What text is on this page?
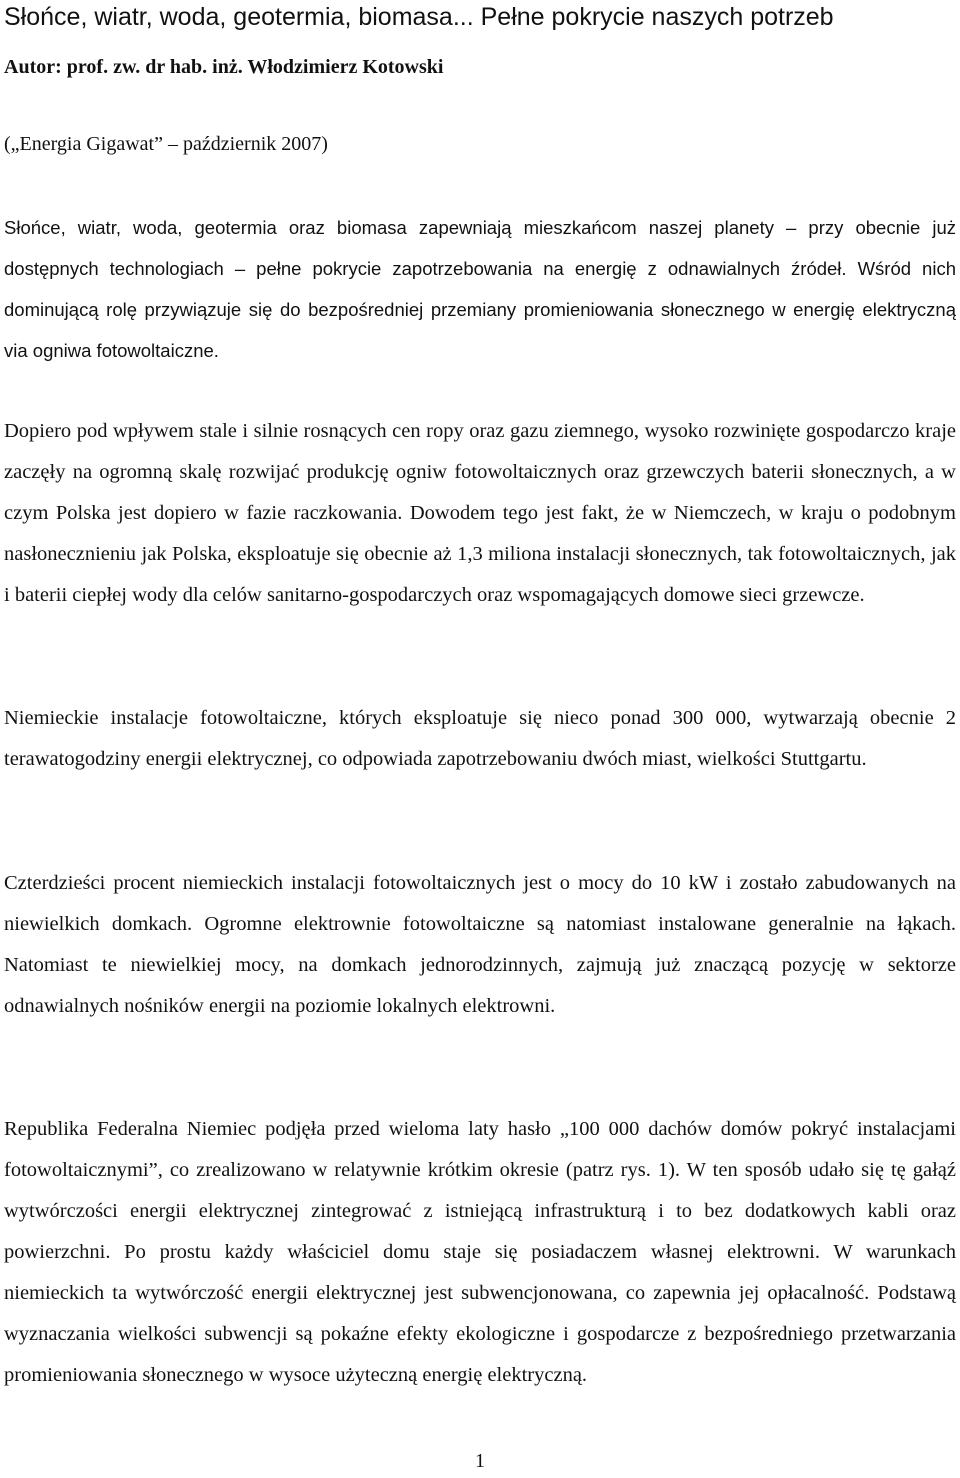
Słońce, wiatr, woda, geotermia, biomasa... Pełne pokrycie naszych potrzeb
Autor: prof. zw. dr hab. inż. Włodzimierz Kotowski
(„Energia Gigawat” – październik 2007)

Słońce, wiatr, woda, geotermia oraz biomasa zapewniają mieszkańcom naszej planety – przy obecnie już dostępnych technologiach – pełne pokrycie zapotrzebowania na energię z odnawialnych źródeł. Wśród nich dominującą rolę przywiązuje się do bezpośredniej przemiany promieniowania słonecznego w energię elektryczną via ogniwa fotowoltaiczne.

Dopiero pod wpływem stale i silnie rosnących cen ropy oraz gazu ziemnego, wysoko rozwinięte gospodarczo kraje zaczęły na ogromną skalę rozwijać produkcję ogniw fotowoltaicznych oraz grzewczych baterii słonecznych, a w czym Polska jest dopiero w fazie raczkowania. Dowodem tego jest fakt, że w Niemczech, w kraju o podobnym nasłonecznieniu jak Polska, eksploatuje się obecnie aż 1,3 miliona instalacji słonecznych, tak fotowoltaicznych, jak i baterii ciepłej wody dla celów sanitarno-gospodarczych oraz wspomagających domowe sieci grzewcze.

Niemieckie instalacje fotowoltaiczne, których eksploatuje się nieco ponad 300 000, wytwarzają obecnie 2 terawatogodziny energii elektrycznej, co odpowiada zapotrzebowaniu dwóch miast, wielkości Stuttgartu.

Czterdzieści procent niemieckich instalacji fotowoltaicznych jest o mocy do 10 kW i zostało zabudowanych na niewielkich domkach. Ogromne elektrownie fotowoltaiczne są natomiast instalowane generalnie na łąkach. Natomiast te niewielkiej mocy, na domkach jednorodzinnych, zajmują już znaczącą pozycję w sektorze odnawialnych nośników energii na poziomie lokalnych elektrowni.

Republika Federalna Niemiec podjęła przed wieloma laty hasło „100 000 dachów domów pokryć instalacjami fotowoltaicznymi”, co zrealizowano w relatywnie krótkim okresie (patrz rys. 1). W ten sposób udało się tę gałąź wytwórczości energii elektrycznej zintegrować z istniejącą infrastrukturą i to bez dodatkowych kabli oraz powierzchni. Po prostu każdy właściciel domu staje się posiadaczem własnej elektrowni. W warunkach niemieckich ta wytwórczość energii elektrycznej jest subwencjonowana, co zapewnia jej opłacalność. Podstawą wyznaczania wielkości subwencji są pokaźne efekty ekologiczne i gospodarcze z bezpośredniego przetwarzania promieniowania słonecznego w wysoce użyteczną energię elektryczną.

1
